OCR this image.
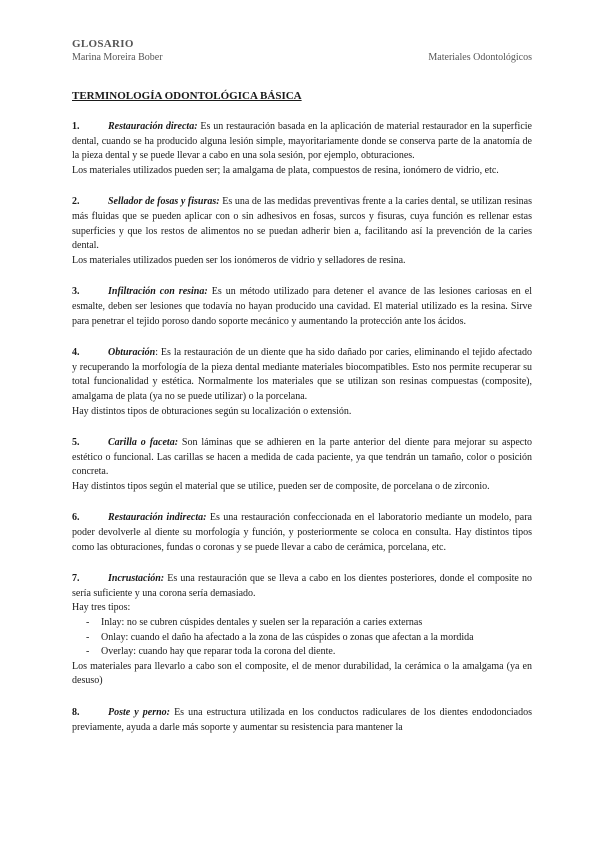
GLOSARIO
Marina Moreira Bober	Materiales Odontológicos
TERMINOLOGÍA ODONTOLÓGICA BÁSICA

1.	Restauración directa: Es un restauración basada en la aplicación de material restaurador en la superficie dental, cuando se ha producido alguna lesión simple, mayoritariamente donde se conserva parte de la anatomía de la pieza dental y se puede llevar a cabo en una sola sesión, por ejemplo, obturaciones.

Los materiales utilizados pueden ser; la amalgama de plata, compuestos de resina, ionómero de vidrio, etc.

2.	Sellador de fosas y fisuras: Es una de las medidas preventivas frente a la caries dental, se utilizan resinas más fluidas que se pueden aplicar con o sin adhesivos en fosas, surcos y fisuras, cuya función es rellenar estas superficies y que los restos de alimentos no se puedan adherir bien a, facilitando así la prevención de la caries dental.

Los materiales utilizados pueden ser los ionómeros de vidrio y selladores de resina.

3.	Infiltración con resina: Es un método utilizado para detener el avance de las lesiones cariosas en el esmalte, deben ser lesiones que todavía no hayan producido una cavidad. El material utilizado es la resina. Sirve para penetrar el tejido poroso dando soporte mecánico y aumentando la protección ante los ácidos.

4.	Obturación: Es la restauración de un diente que ha sido dañado por caries, eliminando el tejido afectado y recuperando la morfología de la pieza dental mediante materiales biocompatibles. Esto nos permite recuperar su total funcionalidad y estética. Normalmente los materiales que se utilizan son resinas compuestas (composite), amalgama de plata (ya no se puede utilizar) o la porcelana.

Hay distintos tipos de obturaciones según su localización o extensión.

5.	Carilla o faceta: Son láminas que se adhieren en la parte anterior del diente para mejorar su aspecto estético o funcional. Las carillas se hacen a medida de cada paciente, ya que tendrán un tamaño, color o posición concreta.

Hay distintos tipos según el material que se utilice, pueden ser de composite, de porcelana o de zirconio.

6.	Restauración indirecta: Es una restauración confeccionada en el laboratorio mediante un modelo, para poder devolverle al diente su morfología y función, y posteriormente se coloca en consulta. Hay distintos tipos como las obturaciones, fundas o coronas y se puede llevar a cabo de cerámica, porcelana, etc.

7.	Incrustación: Es una restauración que se lleva a cabo en los dientes posteriores, donde el composite no sería suficiente y una corona sería demasiado.

Hay tres tipos:

- Inlay: no se cubren cúspides dentales y suelen ser la reparación a caries externas
- Onlay: cuando el daño ha afectado a la zona de las cúspides o zonas que afectan a la mordida
- Overlay: cuando hay que reparar toda la corona del diente.

Los materiales para llevarlo a cabo son el composite, el de menor durabilidad, la cerámica o la amalgama (ya en desuso)

8.	Poste y perno: Es una estructura utilizada en los conductos radiculares de los dientes endodonciados previamente, ayuda a darle más soporte y aumentar su resistencia para mantener la
